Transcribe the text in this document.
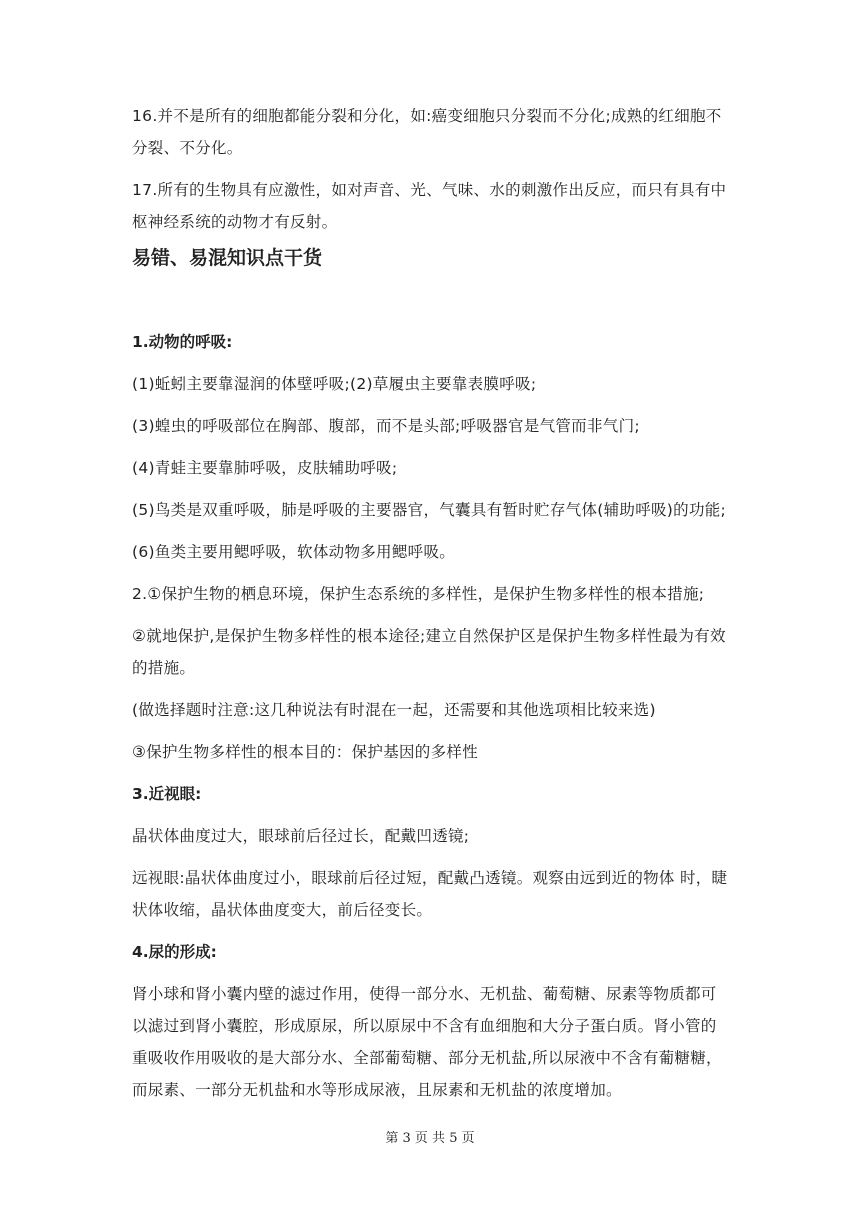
16.并不是所有的细胞都能分裂和分化，如:癌变细胞只分裂而不分化;成熟的红细胞不分裂、不分化。

17.所有的生物具有应激性，如对声音、光、气味、水的刺激作出反应，而只有具有中枢神经系统的动物才有反射。

易错、易混知识点干货

1.动物的呼吸:

(1)蚯蚓主要靠湿润的体壁呼吸;(2)草履虫主要靠表膜呼吸;

(3)蝗虫的呼吸部位在胸部、腹部，而不是头部;呼吸器官是气管而非气门;

(4)青蛙主要靠肺呼吸，皮肤辅助呼吸;

(5)鸟类是双重呼吸，肺是呼吸的主要器官，气囊具有暂时贮存气体(辅助呼吸)的功能;

(6)鱼类主要用鳃呼吸，软体动物多用鳃呼吸。

2.①保护生物的栖息环境，保护生态系统的多样性，是保护生物多样性的根本措施;

②就地保护,是保护生物多样性的根本途径;建立自然保护区是保护生物多样性最为有效的措施。

(做选择题时注意:这几种说法有时混在一起，还需要和其他选项相比较来选)

③保护生物多样性的根本目的：保护基因的多样性

3.近视眼:

晶状体曲度过大，眼球前后径过长，配戴凹透镜;

远视眼:晶状体曲度过小，眼球前后径过短，配戴凸透镜。观察由远到近的物体 时，睫状体收缩，晶状体曲度变大，前后径变长。

4.尿的形成:

肾小球和肾小囊内壁的滤过作用，使得一部分水、无机盐、葡萄糖、尿素等物质都可以滤过到肾小囊腔，形成原尿，所以原尿中不含有血细胞和大分子蛋白质。肾小管的重吸收作用吸收的是大部分水、全部葡萄糖、部分无机盐,所以尿液中不含有葡糖糖，而尿素、一部分无机盐和水等形成尿液，且尿素和无机盐的浓度增加。

第 3 页 共 5 页
